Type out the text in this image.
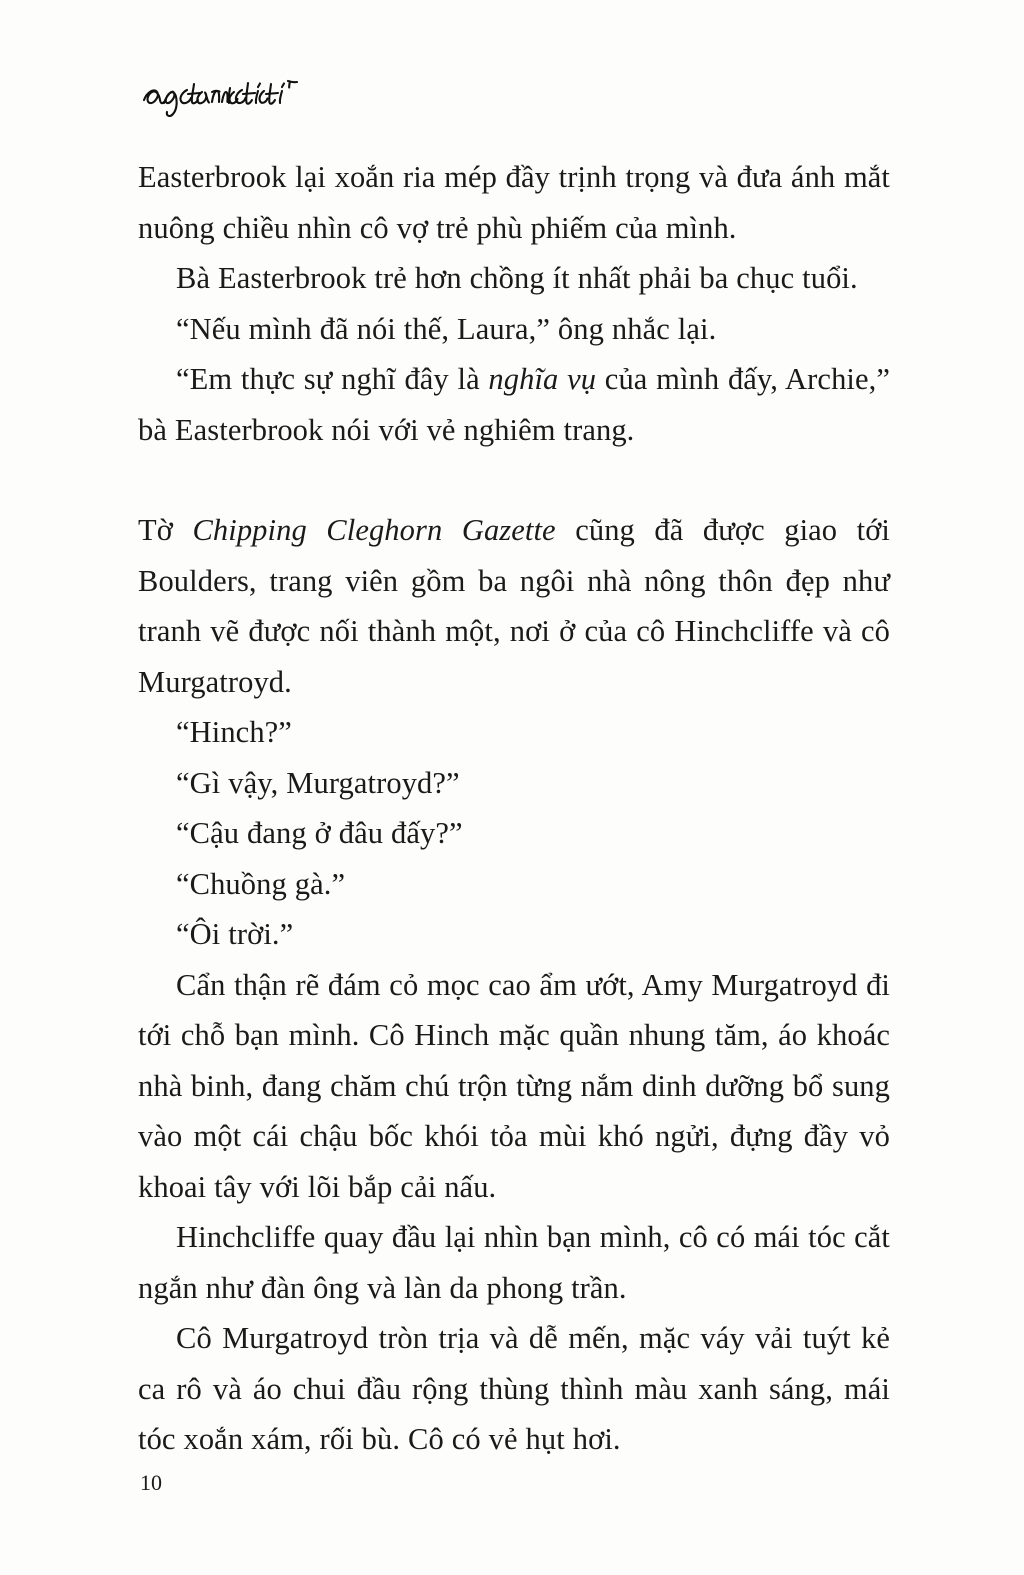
Easterbrook lại xoắn ria mép đầy trịnh trọng và đưa ánh mắt nuông chiều nhìn cô vợ trẻ phù phiếm của mình.

Bà Easterbrook trẻ hơn chồng ít nhất phải ba chục tuổi.

“Nếu mình đã nói thế, Laura,” ông nhắc lại.

“Em thực sự nghĩ đây là nghĩa vụ của mình đấy, Archie,” bà Easterbrook nói với vẻ nghiêm trang.

Tờ Chipping Cleghorn Gazette cũng đã được giao tới Boulders, trang viên gồm ba ngôi nhà nông thôn đẹp như tranh vẽ được nối thành một, nơi ở của cô Hinchcliffe và cô Murgatroyd.

“Hinch?”

“Gì vậy, Murgatroyd?”

“Cậu đang ở đâu đấy?”

“Chuồng gà.”

“Ôi trời.”

Cẩn thận rẽ đám cỏ mọc cao ẩm ướt, Amy Murgatroyd đi tới chỗ bạn mình. Cô Hinch mặc quần nhung tăm, áo khoác nhà binh, đang chăm chú trộn từng nắm dinh dưỡng bổ sung vào một cái chậu bốc khói tỏa mùi khó ngửi, đựng đầy vỏ khoai tây với lõi bắp cải nấu.

Hinchcliffe quay đầu lại nhìn bạn mình, cô có mái tóc cắt ngắn như đàn ông và làn da phong trần.

Cô Murgatroyd tròn trịa và dễ mến, mặc váy vải tuýt kẻ ca rô và áo chui đầu rộng thùng thình màu xanh sáng, mái tóc xoắn xám, rối bù. Cô có vẻ hụt hơi.

10
